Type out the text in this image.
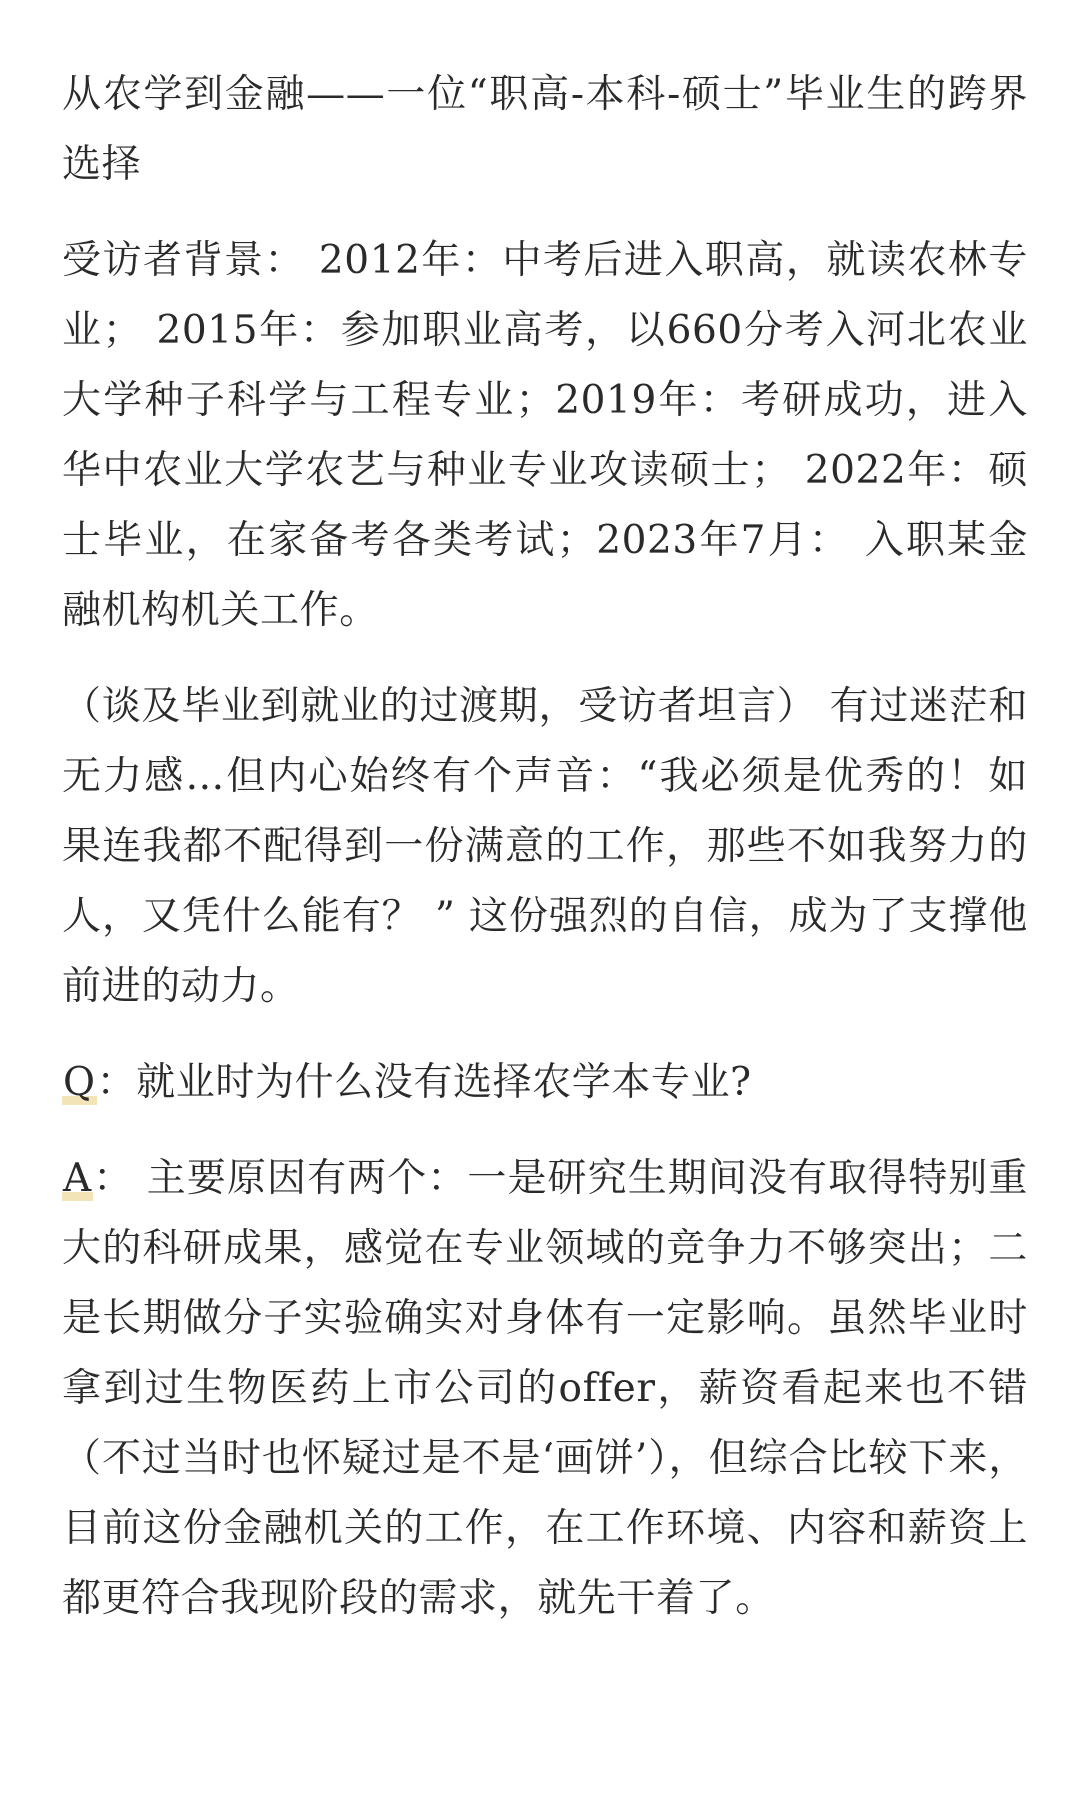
从农学到金融——一位“职高-本科-硕士”毕业生的跨界选择

受访者背景： 2012年：中考后进入职高，就读农林专业； 2015年：参加职业高考，以660分考入河北农业大学种子科学与工程专业；2019年：考研成功，进入华中农业大学农艺与种业专业攻读硕士； 2022年：硕士毕业，在家备考各类考试；2023年7月： 入职某金融机构机关工作。

（谈及毕业到就业的过渡期，受访者坦言） 有过迷茫和无力感…但内心始终有个声音：“我必须是优秀的！如果连我都不配得到一份满意的工作，那些不如我努力的人，又凭什么能有？ ” 这份强烈的自信，成为了支撑他前进的动力。

Q：就业时为什么没有选择农学本专业?

A： 主要原因有两个：一是研究生期间没有取得特别重大的科研成果，感觉在专业领域的竞争力不够突出；二是长期做分子实验确实对身体有一定影响。虽然毕业时拿到过生物医药上市公司的offer，薪资看起来也不错（不过当时也怀疑过是不是‘画饼’），但综合比较下来，目前这份金融机关的工作，在工作环境、内容和薪资上都更符合我现阶段的需求，就先干着了。
